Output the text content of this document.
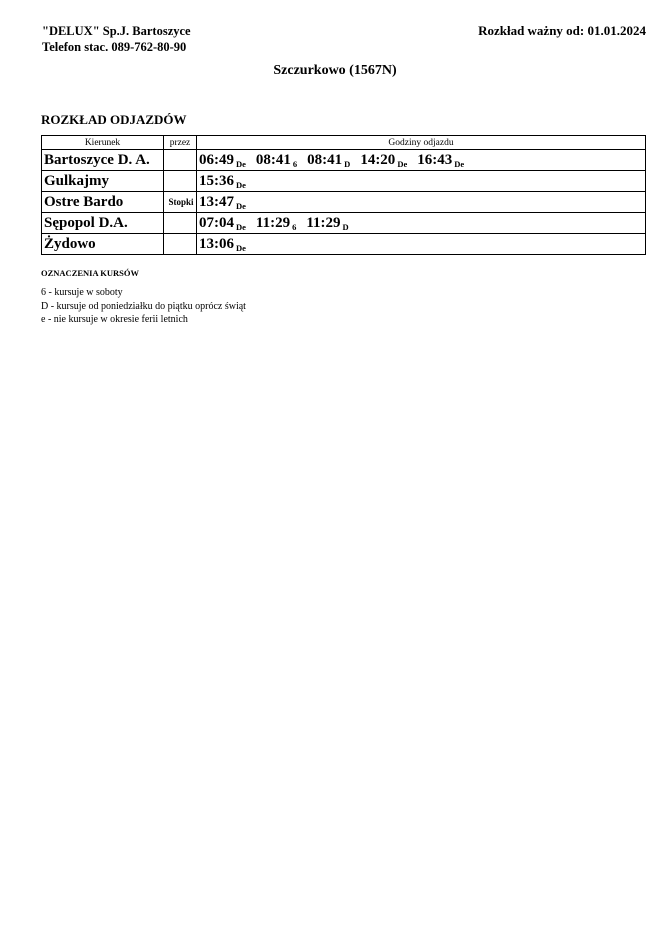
"DELUX" Sp.J. Bartoszyce
Telefon stac. 089-762-80-90
Rozkład ważny od: 01.01.2024
Szczurkowo (1567N)
ROZKŁAD ODJAZDÓW
Kierunek	przez	Godziny odjazdu
Bartoszyce D. A.		06:49 $_{De}$ 08:41 $_6$ 08:41 $_D$ 14:20 $_{De}$ 16:43 $_{De}$
Gulkajmy		15:36 $_{De}$
Ostre Bardo	Stopki	13:47 $_{De}$
Sępopol D.A.		07:04 $_{De}$ 11:29 $_6$ 11:29 $_D$
Żydowo		13:06 $_{De}$
OZNACZENIA KURSÓW
6 - kursuje w soboty
D - kursuje od poniedziałku do piątku oprócz świąt
e - nie kursuje w okresie ferii letnich
